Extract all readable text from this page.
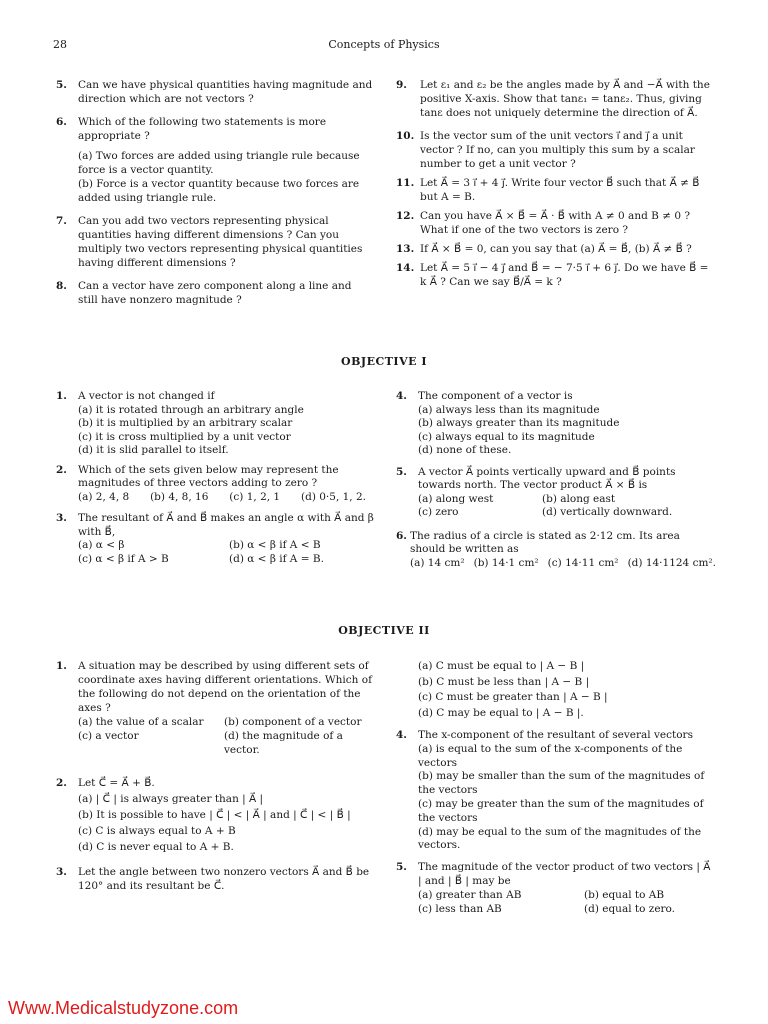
28	Concepts of Physics
5. Can we have physical quantities having magnitude and direction which are not vectors ?
6. Which of the following two statements is more appropriate ?
(a) Two forces are added using triangle rule because force is a vector quantity.
(b) Force is a vector quantity because two forces are added using triangle rule.
7. Can you add two vectors representing physical quantities having different dimensions ? Can you multiply two vectors representing physical quantities having different dimensions ?
8. Can a vector have zero component along a line and still have nonzero magnitude ?
9. Let ε₁ and ε₂ be the angles made by A⃗ and −A⃗ with the positive X-axis. Show that tanε₁ = tanε₂. Thus, giving tanε does not uniquely determine the direction of A⃗.
10. Is the vector sum of the unit vectors i⃗ and j⃗ a unit vector ? If no, can you multiply this sum by a scalar number to get a unit vector ?
11. Let A⃗ = 3 i⃗ + 4 j⃗. Write four vector B⃗ such that A⃗ ≠ B⃗ but A = B.
12. Can you have A⃗ × B⃗ = A⃗ · B⃗ with A ≠ 0 and B ≠ 0 ? What if one of the two vectors is zero ?
13. If A⃗ × B⃗ = 0, can you say that (a) A⃗ = B⃗, (b) A⃗ ≠ B⃗ ?
14. Let A⃗ = 5 i⃗ − 4 j⃗ and B⃗ = − 7·5 i⃗ + 6 j⃗. Do we have B⃗ = k A⃗ ? Can we say B⃗/A⃗ = k ?
OBJECTIVE I
1. A vector is not changed if
(a) it is rotated through an arbitrary angle
(b) it is multiplied by an arbitrary scalar
(c) it is cross multiplied by a unit vector
(d) it is slid parallel to itself.
2. Which of the sets given below may represent the magnitudes of three vectors adding to zero ?
(a) 2, 4, 8 (b) 4, 8, 16 (c) 1, 2, 1 (d) 0·5, 1, 2.
3. The resultant of A⃗ and B⃗ makes an angle α with A⃗ and β with B⃗,
(a) α < β	(b) α < β if A < B
(c) α < β if A > B	(d) α < β if A = B.
4. The component of a vector is
(a) always less than its magnitude
(b) always greater than its magnitude
(c) always equal to its magnitude
(d) none of these.
5. A vector A⃗ points vertically upward and B⃗ points towards north. The vector product A⃗ × B⃗ is
(a) along west	(b) along east
(c) zero	(d) vertically downward.
6. The radius of a circle is stated as 2·12 cm. Its area should be written as
(a) 14 cm² (b) 14·1 cm² (c) 14·11 cm² (d) 14·1124 cm².
OBJECTIVE II
1. A situation may be described by using different sets of coordinate axes having different orientations. Which of the following do not depend on the orientation of the axes ?
(a) the value of a scalar	(b) component of a vector
(c) a vector	(d) the magnitude of a vector.
2. Let C⃗ = A⃗ + B⃗.
(a) | C⃗ | is always greater than | A⃗ |
(b) It is possible to have | C⃗ | < | A⃗ | and | C⃗ | < | B⃗ |
(c) C is always equal to A + B
(d) C is never equal to A + B.
3. Let the angle between two nonzero vectors A⃗ and B⃗ be 120° and its resultant be C⃗.
(a) C must be equal to | A − B |
(b) C must be less than | A − B |
(c) C must be greater than | A − B |
(d) C may be equal to | A − B |.
4. The x-component of the resultant of several vectors
(a) is equal to the sum of the x-components of the vectors
(b) may be smaller than the sum of the magnitudes of the vectors
(c) may be greater than the sum of the magnitudes of the vectors
(d) may be equal to the sum of the magnitudes of the vectors.
5. The magnitude of the vector product of two vectors | A⃗ | and | B⃗ | may be
(a) greater than AB	(b) equal to AB
(c) less than AB	(d) equal to zero.
Www.Medicalstudyzone.com
